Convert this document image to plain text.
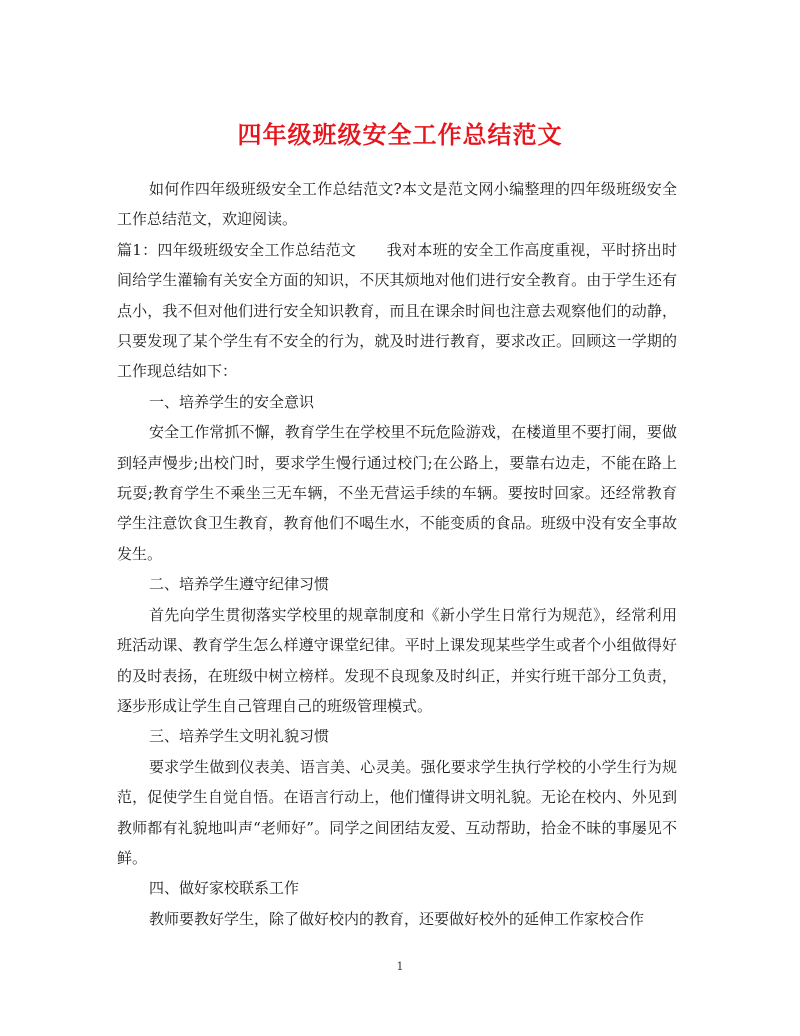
四年级班级安全工作总结范文

如何作四年级班级安全工作总结范文?本文是范文网小编整理的四年级班级安全工作总结范文，欢迎阅读。

篇1：四年级班级安全工作总结范文　　我对本班的安全工作高度重视，平时挤出时间给学生灌输有关安全方面的知识，不厌其烦地对他们进行安全教育。由于学生还有点小，我不但对他们进行安全知识教育，而且在课余时间也注意去观察他们的动静，只要发现了某个学生有不安全的行为，就及时进行教育，要求改正。回顾这一学期的工作现总结如下：

一、培养学生的安全意识

安全工作常抓不懈，教育学生在学校里不玩危险游戏，在楼道里不要打闹，要做到轻声慢步;出校门时，要求学生慢行通过校门;在公路上，要靠右边走，不能在路上玩耍;教育学生不乘坐三无车辆，不坐无营运手续的车辆。要按时回家。还经常教育学生注意饮食卫生教育，教育他们不喝生水，不能变质的食品。班级中没有安全事故发生。

二、培养学生遵守纪律习惯

首先向学生贯彻落实学校里的规章制度和《新小学生日常行为规范》，经常利用班活动课、教育学生怎么样遵守课堂纪律。平时上课发现某些学生或者个小组做得好的及时表扬，在班级中树立榜样。发现不良现象及时纠正，并实行班干部分工负责，逐步形成让学生自己管理自己的班级管理模式。

三、培养学生文明礼貌习惯

要求学生做到仪表美、语言美、心灵美。强化要求学生执行学校的小学生行为规范，促使学生自觉自悟。在语言行动上，他们懂得讲文明礼貌。无论在校内、外见到教师都有礼貌地叫声“老师好”。同学之间团结友爱、互动帮助，拾金不昧的事屡见不鲜。

四、做好家校联系工作

教师要教好学生，除了做好校内的教育，还要做好校外的延伸工作家校合作

1
